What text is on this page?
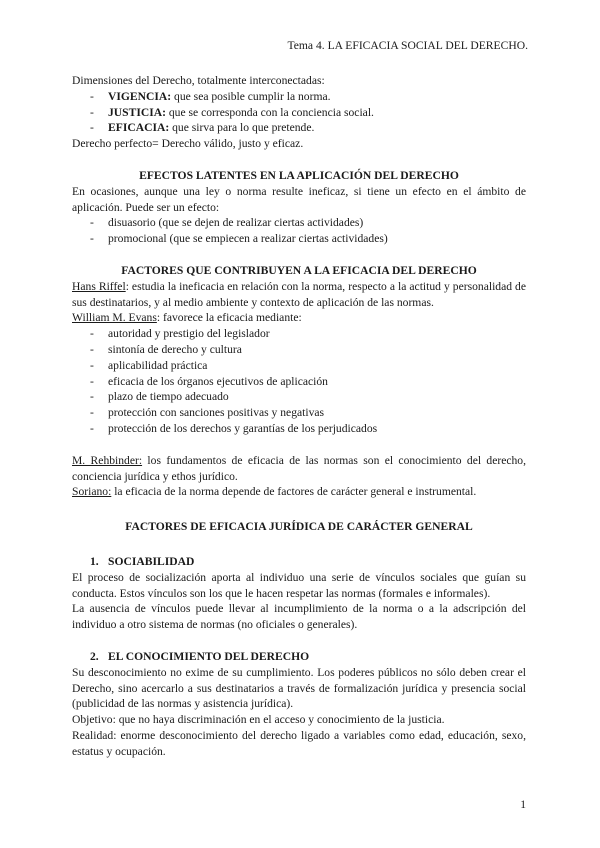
Tema 4. LA EFICACIA SOCIAL DEL DERECHO.

Dimensiones del Derecho, totalmente interconectadas:

- VIGENCIA: que sea posible cumplir la norma.
- JUSTICIA: que se corresponda con la conciencia social.
- EFICACIA: que sirva para lo que pretende.

Derecho perfecto= Derecho válido, justo y eficaz.

EFECTOS LATENTES EN LA APLICACIÓN DEL DERECHO

En ocasiones, aunque una ley o norma resulte ineficaz, si tiene un efecto en el ámbito de aplicación. Puede ser un efecto:

- disuasorio (que se dejen de realizar ciertas actividades)
- promocional (que se empiecen a realizar ciertas actividades)

FACTORES QUE CONTRIBUYEN A LA EFICACIA DEL DERECHO

Hans Riffel: estudia la ineficacia en relación con la norma, respecto a la actitud y personalidad de sus destinatarios, y al medio ambiente y contexto de aplicación de las normas.

William M. Evans: favorece la eficacia mediante:

- autoridad y prestigio del legislador
- sintonía de derecho y cultura
- aplicabilidad práctica
- eficacia de los órganos ejecutivos de aplicación
- plazo de tiempo adecuado
- protección con sanciones positivas y negativas
- protección de los derechos y garantías de los perjudicados

M. Rehbinder: los fundamentos de eficacia de las normas son el conocimiento del derecho, conciencia jurídica y ethos jurídico.

Soriano: la eficacia de la norma depende de factores de carácter general e instrumental.

FACTORES DE EFICACIA JURÍDICA DE CARÁCTER GENERAL

1. SOCIABILIDAD

El proceso de socialización aporta al individuo una serie de vínculos sociales que guían su conducta. Estos vínculos son los que le hacen respetar las normas (formales e informales).

La ausencia de vínculos puede llevar al incumplimiento de la norma o a la adscripción del individuo a otro sistema de normas (no oficiales o generales).

2. EL CONOCIMIENTO DEL DERECHO

Su desconocimiento no exime de su cumplimiento. Los poderes públicos no sólo deben crear el Derecho, sino acercarlo a sus destinatarios a través de formalización jurídica y presencia social (publicidad de las normas y asistencia jurídica).

Objetivo: que no haya discriminación en el acceso y conocimiento de la justicia.

Realidad: enorme desconocimiento del derecho ligado a variables como edad, educación, sexo, estatus y ocupación.

1
